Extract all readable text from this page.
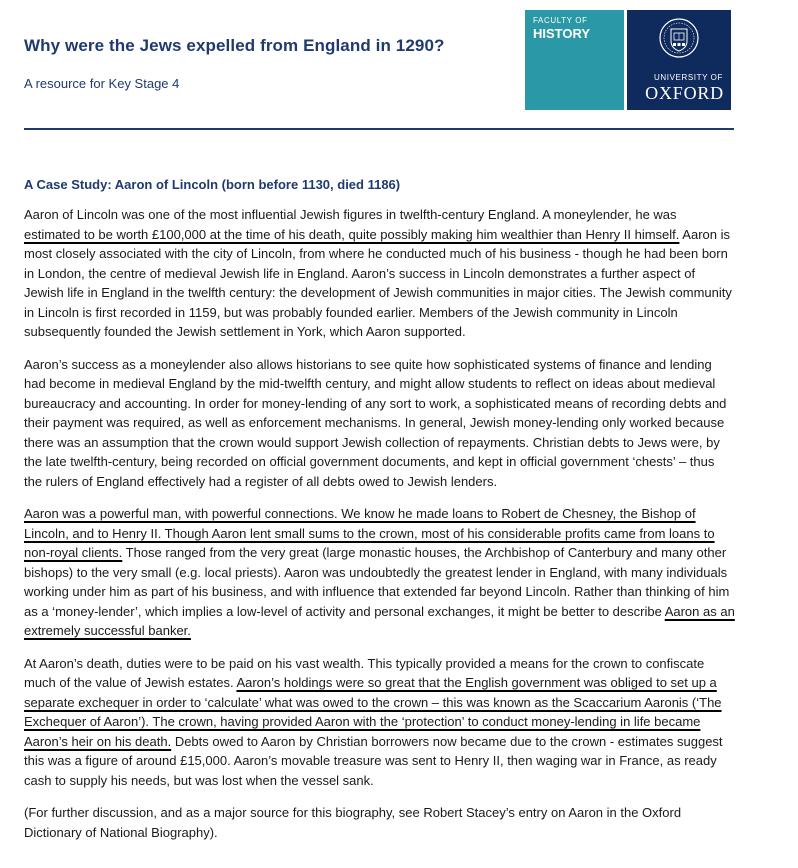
Why were the Jews expelled from England in 1290?

A resource for Key Stage 4

FACULTY OF
HISTORY
UNIVERSITY OF
OXFORD
A Case Study: Aaron of Lincoln (born before 1130, died 1186)

Aaron of Lincoln was one of the most influential Jewish figures in twelfth-century England. A moneylender, he was estimated to be worth £100,000 at the time of his death, quite possibly making him wealthier than Henry II himself. Aaron is most closely associated with the city of Lincoln, from where he conducted much of his business - though he had been born in London, the centre of medieval Jewish life in England. Aaron’s success in Lincoln demonstrates a further aspect of Jewish life in England in the twelfth century: the development of Jewish communities in major cities. The Jewish community in Lincoln is first recorded in 1159, but was probably founded earlier. Members of the Jewish community in Lincoln subsequently founded the Jewish settlement in York, which Aaron supported.

Aaron’s success as a moneylender also allows historians to see quite how sophisticated systems of finance and lending had become in medieval England by the mid-twelfth century, and might allow students to reflect on ideas about medieval bureaucracy and accounting. In order for money-lending of any sort to work, a sophisticated means of recording debts and their payment was required, as well as enforcement mechanisms. In general, Jewish money-lending only worked because there was an assumption that the crown would support Jewish collection of repayments. Christian debts to Jews were, by the late twelfth-century, being recorded on official government documents, and kept in official government ‘chests’ – thus the rulers of England effectively had a register of all debts owed to Jewish lenders.

Aaron was a powerful man, with powerful connections. We know he made loans to Robert de Chesney, the Bishop of Lincoln, and to Henry II. Though Aaron lent small sums to the crown, most of his considerable profits came from loans to non-royal clients. Those ranged from the very great (large monastic houses, the Archbishop of Canterbury and many other bishops) to the very small (e.g. local priests). Aaron was undoubtedly the greatest lender in England, with many individuals working under him as part of his business, and with influence that extended far beyond Lincoln. Rather than thinking of him as a ‘money-lender’, which implies a low-level of activity and personal exchanges, it might be better to describe Aaron as an extremely successful banker.

At Aaron’s death, duties were to be paid on his vast wealth. This typically provided a means for the crown to confiscate much of the value of Jewish estates. Aaron’s holdings were so great that the English government was obliged to set up a separate exchequer in order to ‘calculate’ what was owed to the crown – this was known as the Scaccarium Aaronis (‘The Exchequer of Aaron’). The crown, having provided Aaron with the ‘protection’ to conduct money-lending in life became Aaron’s heir on his death. Debts owed to Aaron by Christian borrowers now became due to the crown - estimates suggest this was a figure of around £15,000. Aaron’s movable treasure was sent to Henry II, then waging war in France, as ready cash to supply his needs, but was lost when the vessel sank.

(For further discussion, and as a major source for this biography, see Robert Stacey’s entry on Aaron in the Oxford Dictionary of National Biography).
